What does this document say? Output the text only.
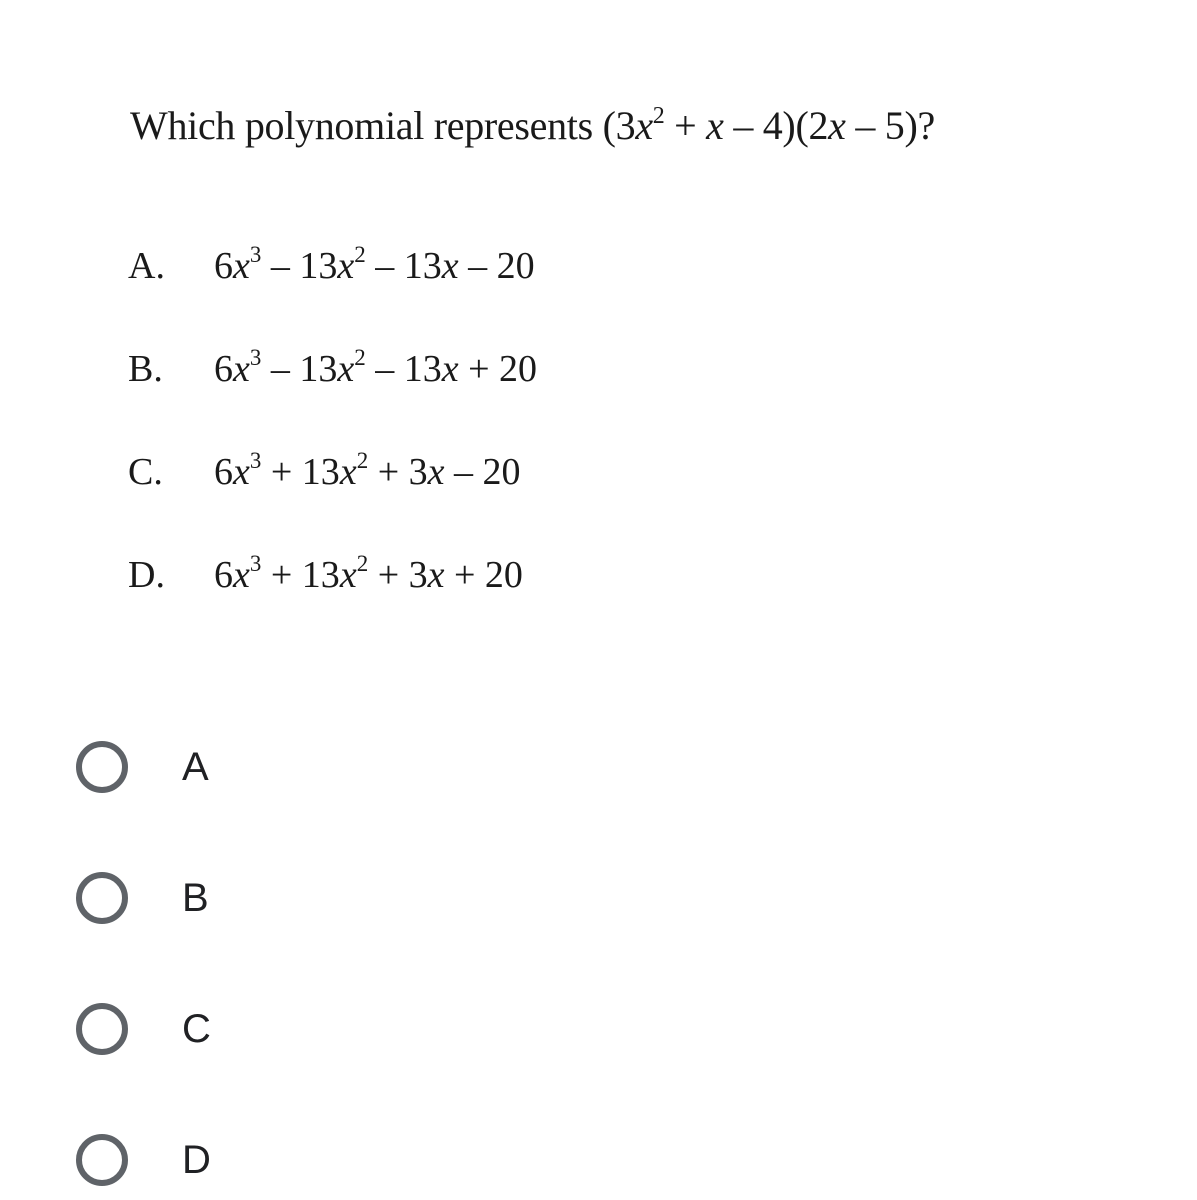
Which polynomial represents $(3x^2 + x - 4)(2x - 5)$?
A. $6x^3 - 13x^2 - 13x - 20$
B. $6x^3 - 13x^2 - 13x + 20$
C. $6x^3 + 13x^2 + 3x - 20$
D. $6x^3 + 13x^2 + 3x + 20$
A
B
C
D
